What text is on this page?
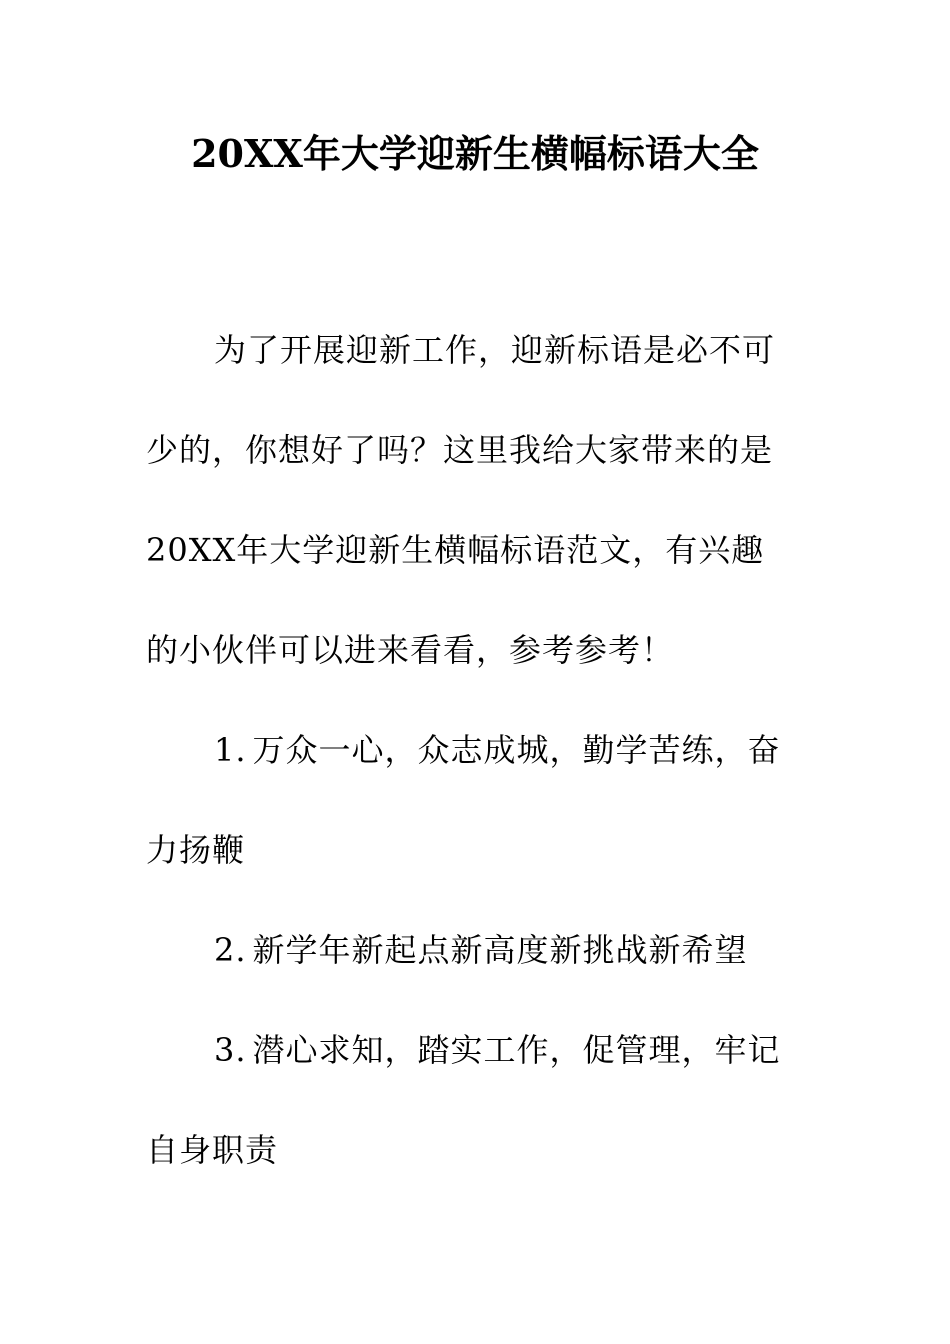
20XX年大学迎新生横幅标语大全

为了开展迎新工作，迎新标语是必不可少的，你想好了吗？这里我给大家带来的是20XX年大学迎新生横幅标语范文，有兴趣的小伙伴可以进来看看，参考参考！

1. 万众一心，众志成城，勤学苦练，奋力扬鞭

2. 新学年新起点新高度新挑战新希望

3. 潜心求知，踏实工作，促管理，牢记自身职责
